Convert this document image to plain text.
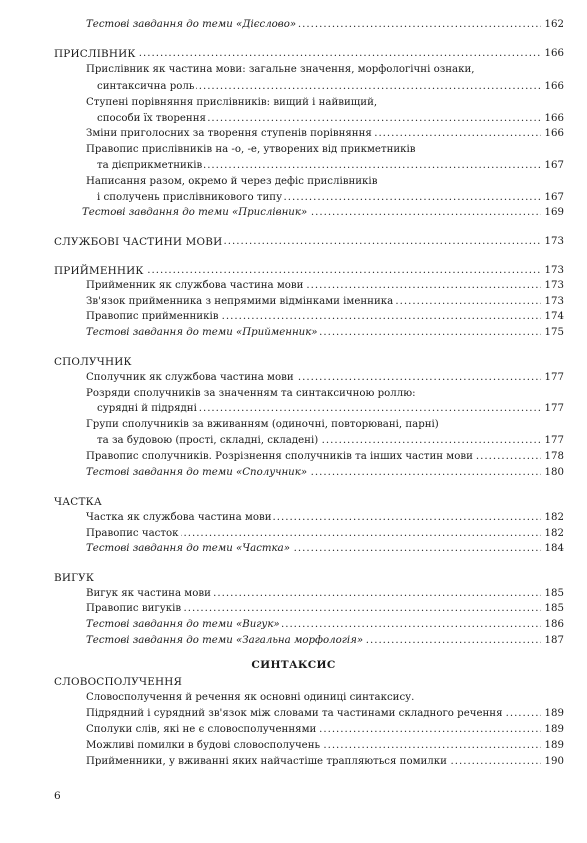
.....
Тестові завдання до теми «Дієслово»	162
.....
ПРИСЛІВНИК	166
Прислівник як частина мови: загальне значення, морфологічні ознаки,
.....
синтаксична роль	166
Ступені порівняння прислівників: вищий і найвищий,
.....
способи їх творення	166
.....
Зміни приголосних за творення ступенів порівняння	166
Правопис прислівників на -о, -е, утворених від прикметників
.....
та дієприкметників	167
Написання разом, окремо й через дефіс прислівників
.....
і сполучень прислівникового типу	167
.....
Тестові завдання до теми «Прислівник»	169
.....
СЛУЖБОВІ ЧАСТИНИ МОВИ	173
.....
ПРИЙМЕННИК	173
.....
Прийменник як службова частина мови	173
.....
Зв'язок прийменника з непрямими відмінками іменника	173
.....
Правопис прийменників	174
.....
Тестові завдання до теми «Прийменник»	175
СПОЛУЧНИК
.....
Сполучник як службова частина мови	177
Розряди сполучників за значенням та синтаксичною роллю:
.....
сурядні й підрядні	177
Групи сполучників за вживанням (одиночні, повторювані, парні)
.....
та за будовою (прості, складні, складені)	177
.....
Правопис сполучників. Розрізнення сполучників та інших частин мови	178
.....
Тестові завдання до теми «Сполучник»	180
ЧАСТКА
.....
Частка як службова частина мови	182
.....
Правопис часток	182
.....
Тестові завдання до теми «Частка»	184
ВИГУК
.....
Вигук як частина мови	185
.....
Правопис вигуків	185
.....
Тестові завдання до теми «Вигук»	186
.....
Тестові завдання до теми «Загальна морфологія»	187
СИНТАКСИС
СЛОВОСПОЛУЧЕННЯ
Словосполучення й речення як основні одиниці синтаксису.
.....
Підрядний і сурядний зв'язок між словами та частинами складного речення	189
.....
Сполуки слів, які не є словосполученнями	189
.....
Можливі помилки в будові словосполучень	189
.....
Прийменники, у вживанні яких найчастіше трапляються помилки	190
6
